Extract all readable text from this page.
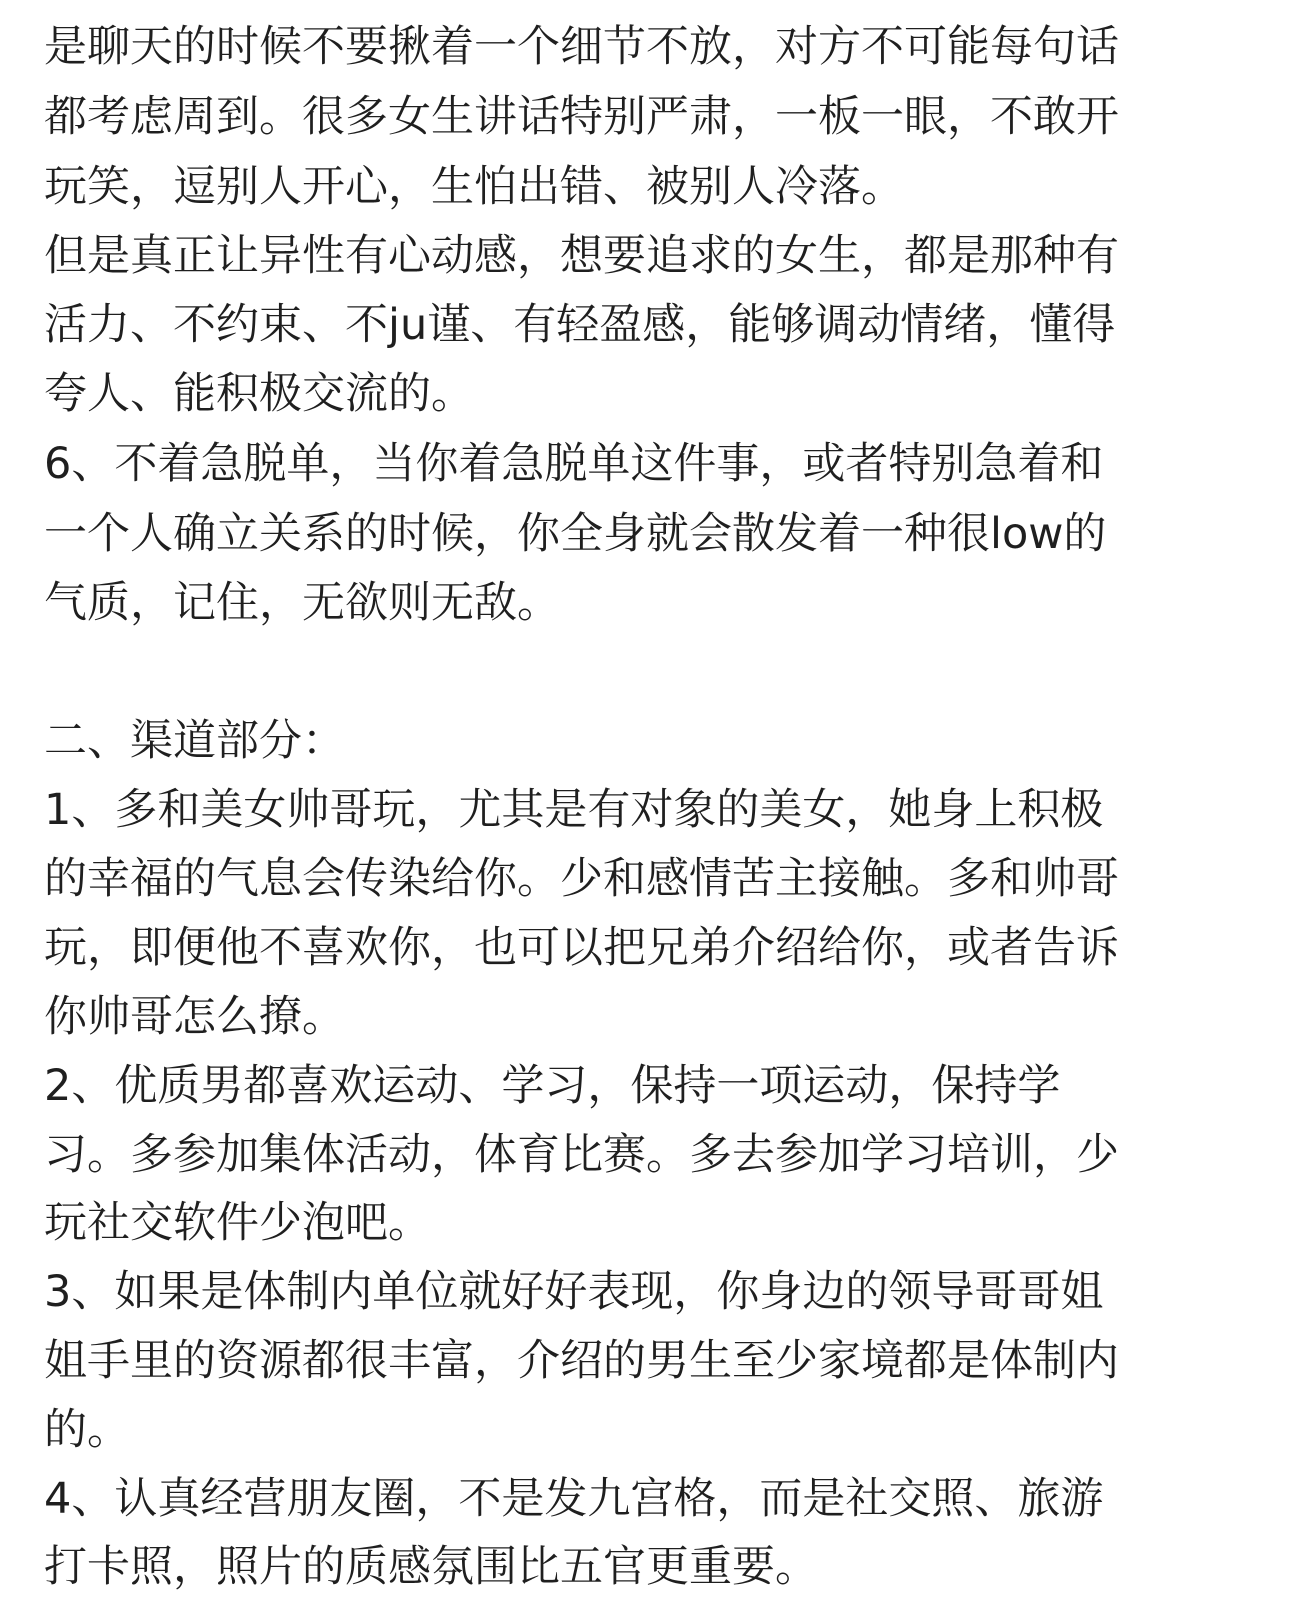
是聊天的时候不要揪着一个细节不放，对方不可能每句话
都考虑周到。很多女生讲话特别严肃，一板一眼，不敢开
玩笑，逗别人开心，生怕出错、被别人冷落。
但是真正让异性有心动感，想要追求的女生，都是那种有
活力、不约束、不ju谨、有轻盈感，能够调动情绪，懂得
夸人、能积极交流的。
6、不着急脱单，当你着急脱单这件事，或者特别急着和
一个人确立关系的时候，你全身就会散发着一种很low的
气质，记住，无欲则无敌。
二、渠道部分：
1、多和美女帅哥玩，尤其是有对象的美女，她身上积极
的幸福的气息会传染给你。少和感情苦主接触。多和帅哥
玩，即便他不喜欢你，也可以把兄弟介绍给你，或者告诉
你帅哥怎么撩。
2、优质男都喜欢运动、学习，保持一项运动，保持学
习。多参加集体活动，体育比赛。多去参加学习培训，少
玩社交软件少泡吧。
3、如果是体制内单位就好好表现，你身边的领导哥哥姐
姐手里的资源都很丰富，介绍的男生至少家境都是体制内
的。
4、认真经营朋友圈，不是发九宫格，而是社交照、旅游
打卡照，照片的质感氛围比五官更重要。
